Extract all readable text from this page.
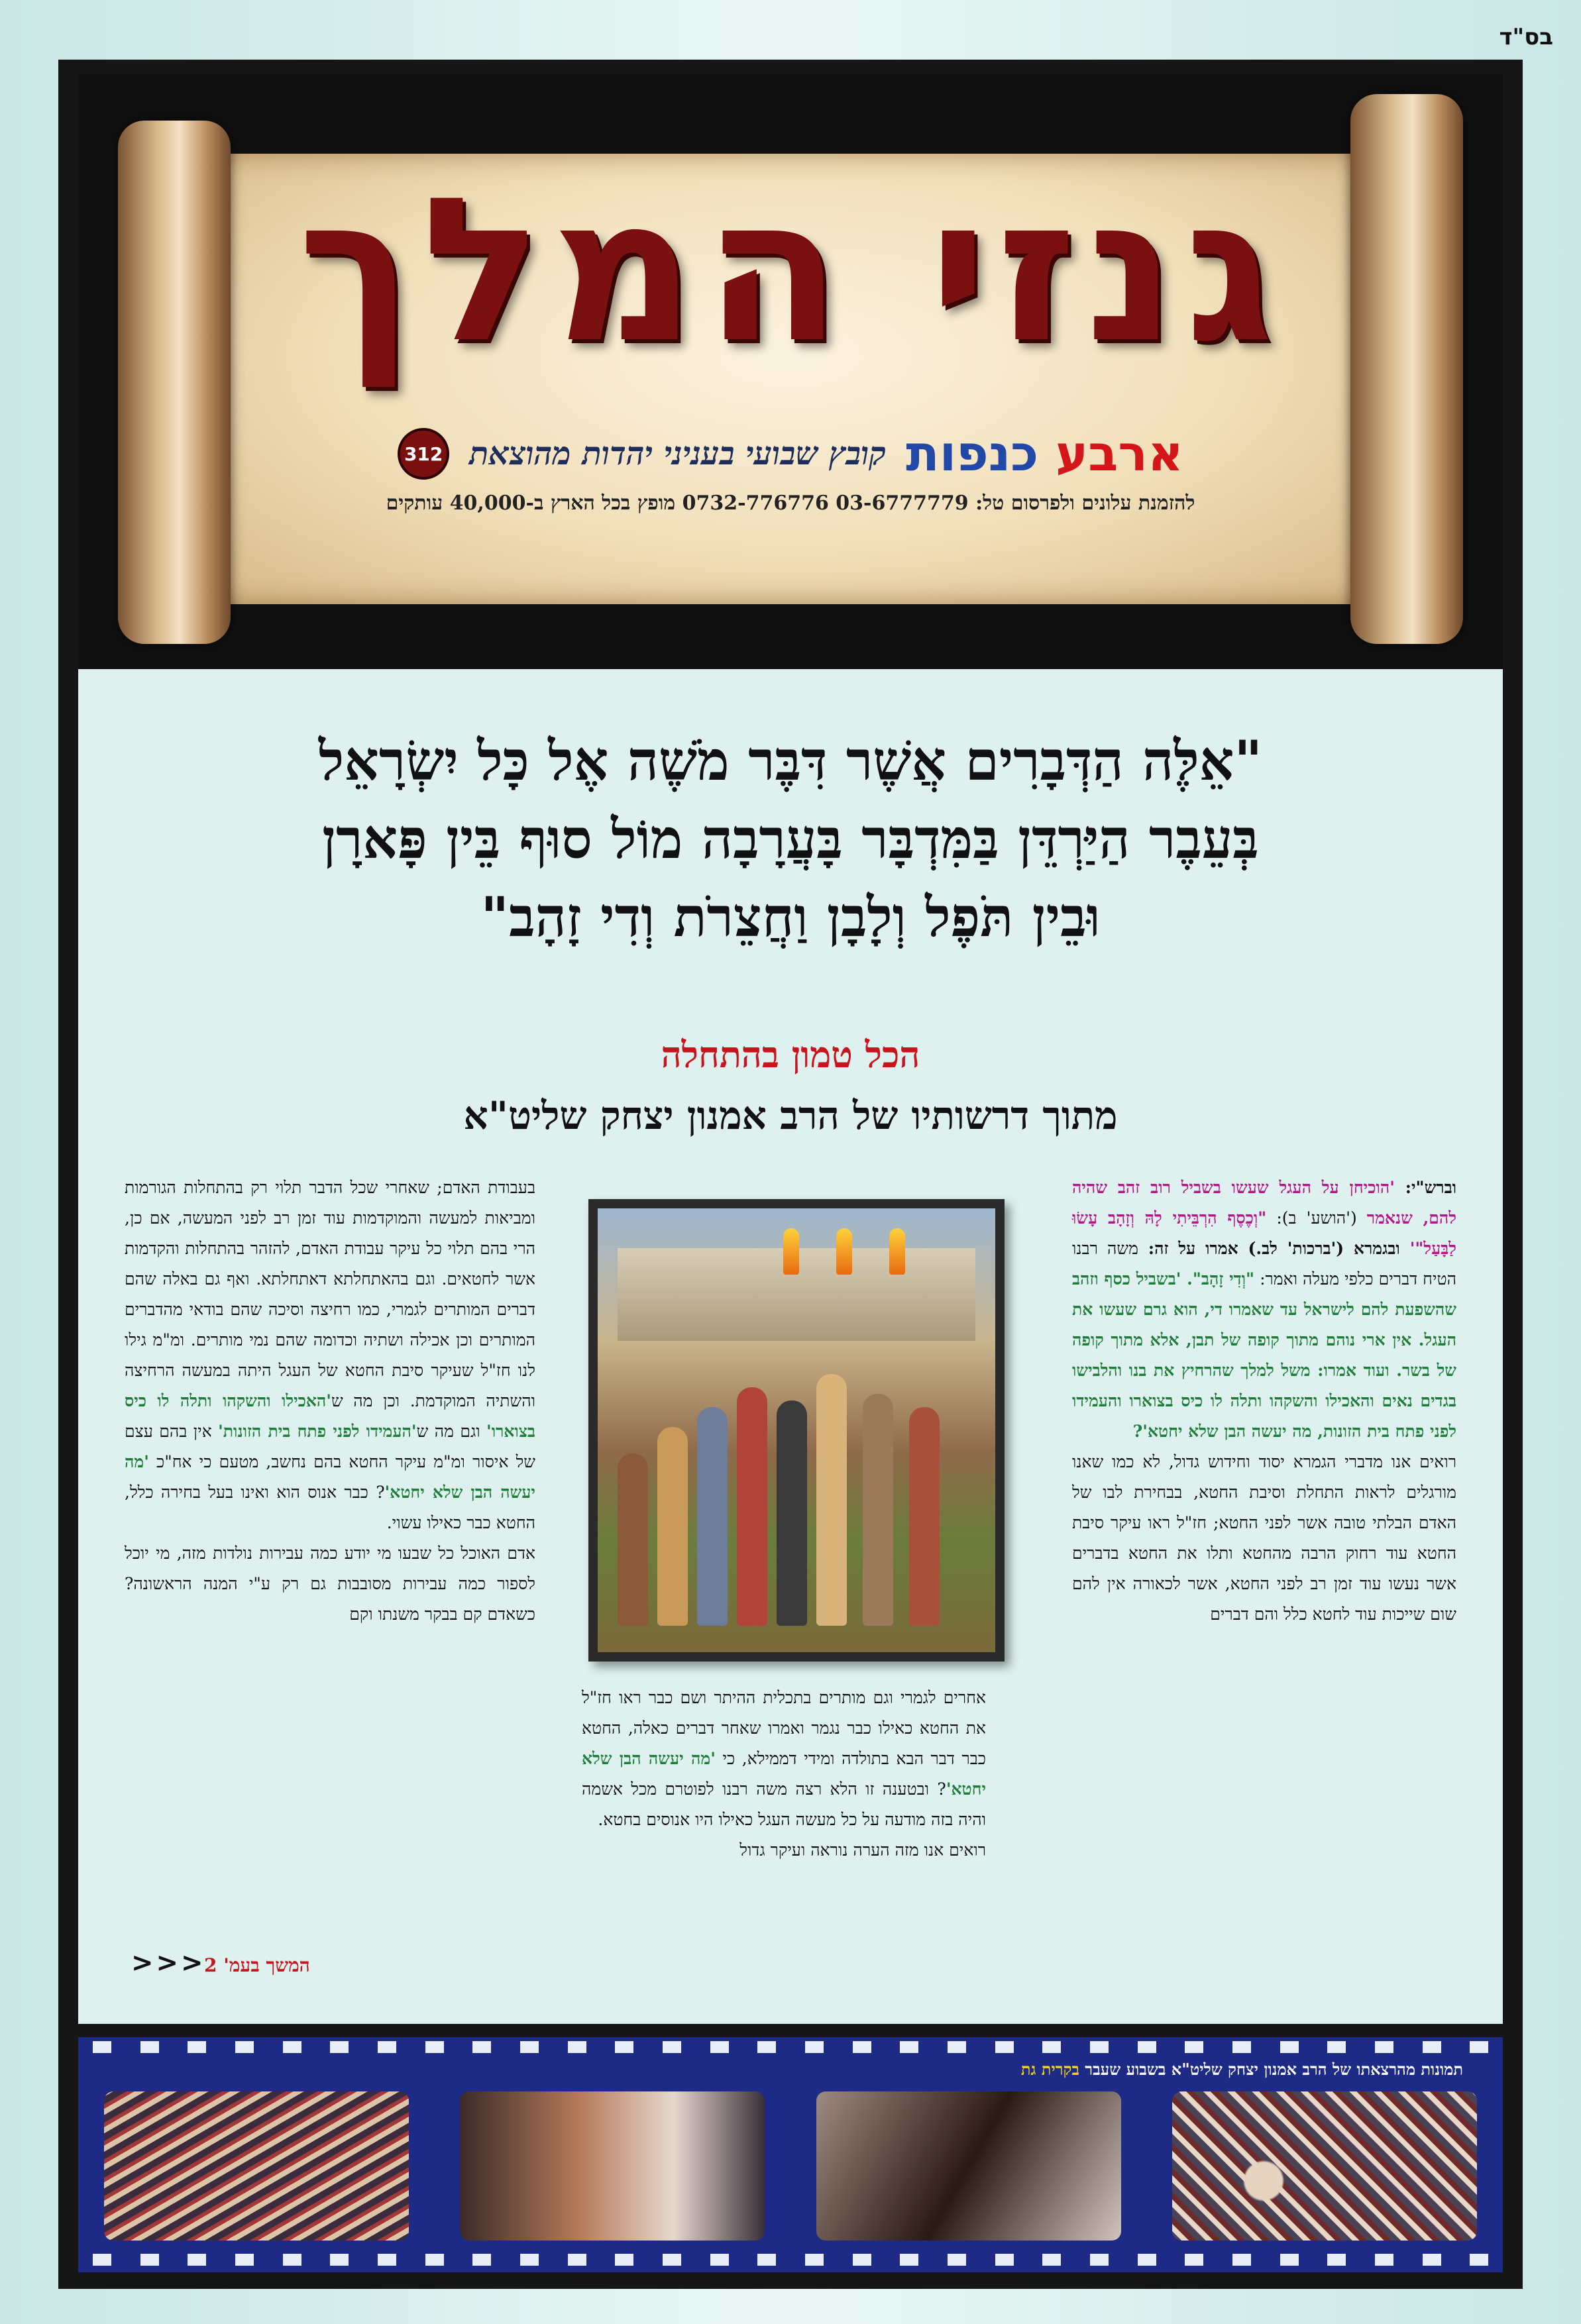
בס"ד
גנזי המלך
ארבע כנפות
קובץ שבועי בעניני יהדות מהוצאת
312
להזמנת עלונים ולפרסום טל: 03-6777779 0732-776776 מופץ בכל הארץ ב-40,000 עותקים
"אֵלֶּה הַדְּבָרִים אֲשֶׁר דִּבֶּר מֹשֶׁה אֶל כָּל יִשְׂרָאֵל
בְּעֵבֶר הַיַּרְדֵּן בַּמִּדְבָּר בָּעֲרָבָה מוֹל סוּף בֵּין פָּארָן
וּבֵין תֹּפֶל וְלָבָן וַחֲצֵרֹת וְדִי זָהָב"
הכל טמון בהתחלה
מתוך דרשותיו של הרב אמנון יצחק שליט"א

וברש"י: 'הוכיחן על העגל שעשו בשביל רוב זהב שהיה להם, שנאמר ('הושע' ב): "וְכֶסֶף הִרְבֵּיתִי לָהּ וְזָהָב עָשׂוּ לַבָּעַל"' ובגמרא ('ברכות' לב.) אמרו על זה: משה רבנו הטיח דברים כלפי מעלה ואמר: "וְדִי זָהָב". 'בשביל כסף וזהב שהשפעת להם לישראל עד שאמרו די, הוא גרם שעשו את העגל. אין ארי נוהם מתוך קופה של תבן, אלא מתוך קופה של בשר. ועוד אמרו: משל למלך שהרחיץ את בנו והלבישו בגדים נאים והאכילו והשקהו ותלה לו כיס בצוארו והעמידו לפני פתח בית הזונות, מה יעשה הבן שלא יחטא'?

רואים אנו מדברי הגמרא יסוד וחידוש גדול, לא כמו שאנו מורגלים לראות התחלת וסיבת החטא, בבחירת לבו של האדם הבלתי טובה אשר לפני החטא; חז"ל ראו עיקר סיבת החטא עוד רחוק הרבה מהחטא ותלו את החטא בדברים אשר נעשו עוד זמן רב לפני החטא, אשר לכאורה אין להם שום שייכות עוד לחטא כלל והם דברים

אחרים לגמרי וגם מותרים בתכלית ההיתר ושם כבר ראו חז"ל את החטא כאילו כבר נגמר ואמרו שאחר דברים כאלה, החטא כבר דבר הבא בתולדה ומידי דממילא, כי 'מה יעשה הבן שלא יחטא'? ובטענה זו הלא רצה משה רבנו לפוטרם מכל אשמה והיה בזה מודעה על כל מעשה העגל כאילו היו אנוסים בחטא.

רואים אנו מזה הערה נוראה ועיקר גדול

בעבודת האדם; שאחרי שכל הדבר תלוי רק בהתחלות הגורמות ומביאות למעשה והמוקדמות עוד זמן רב לפני המעשה, אם כן, הרי בהם תלוי כל עיקר עבודת האדם, להזהר בהתחלות והקדמות אשר לחטאים. וגם בהאתחלתא דאתחלתא. ואף גם באלה שהם דברים המותרים לגמרי, כמו רחיצה וסיכה שהם בודאי מהדברים המותרים וכן אכילה ושתיה וכדומה שהם נמי מותרים. ומ"מ גילו לנו חז"ל שעיקר סיבת החטא של העגל היתה במעשה הרחיצה והשתיה המוקדמת. וכן מה ש'האכילו והשקהו ותלה לו כיס בצוארו' וגם מה ש'העמידו לפני פתח בית הזונות' אין בהם עצם של איסור ומ"מ עיקר החטא בהם נחשב, מטעם כי אח"כ 'מה יעשה הבן שלא יחטא'? כבר אנוס הוא ואינו בעל בחירה כלל, החטא כבר כאילו עשוי.

אדם האוכל כל שבעו מי יודע כמה עבירות נולדות מזה, מי יוכל לספור כמה עבירות מסובבות גם רק ע"י המנה הראשונה? כשאדם קם בבקר משנתו וקם

המשך בעמ' 2
<<<
תמונות מהרצאתו של הרב אמנון יצחק שליט"א בשבוע שעבר בקרית גת
